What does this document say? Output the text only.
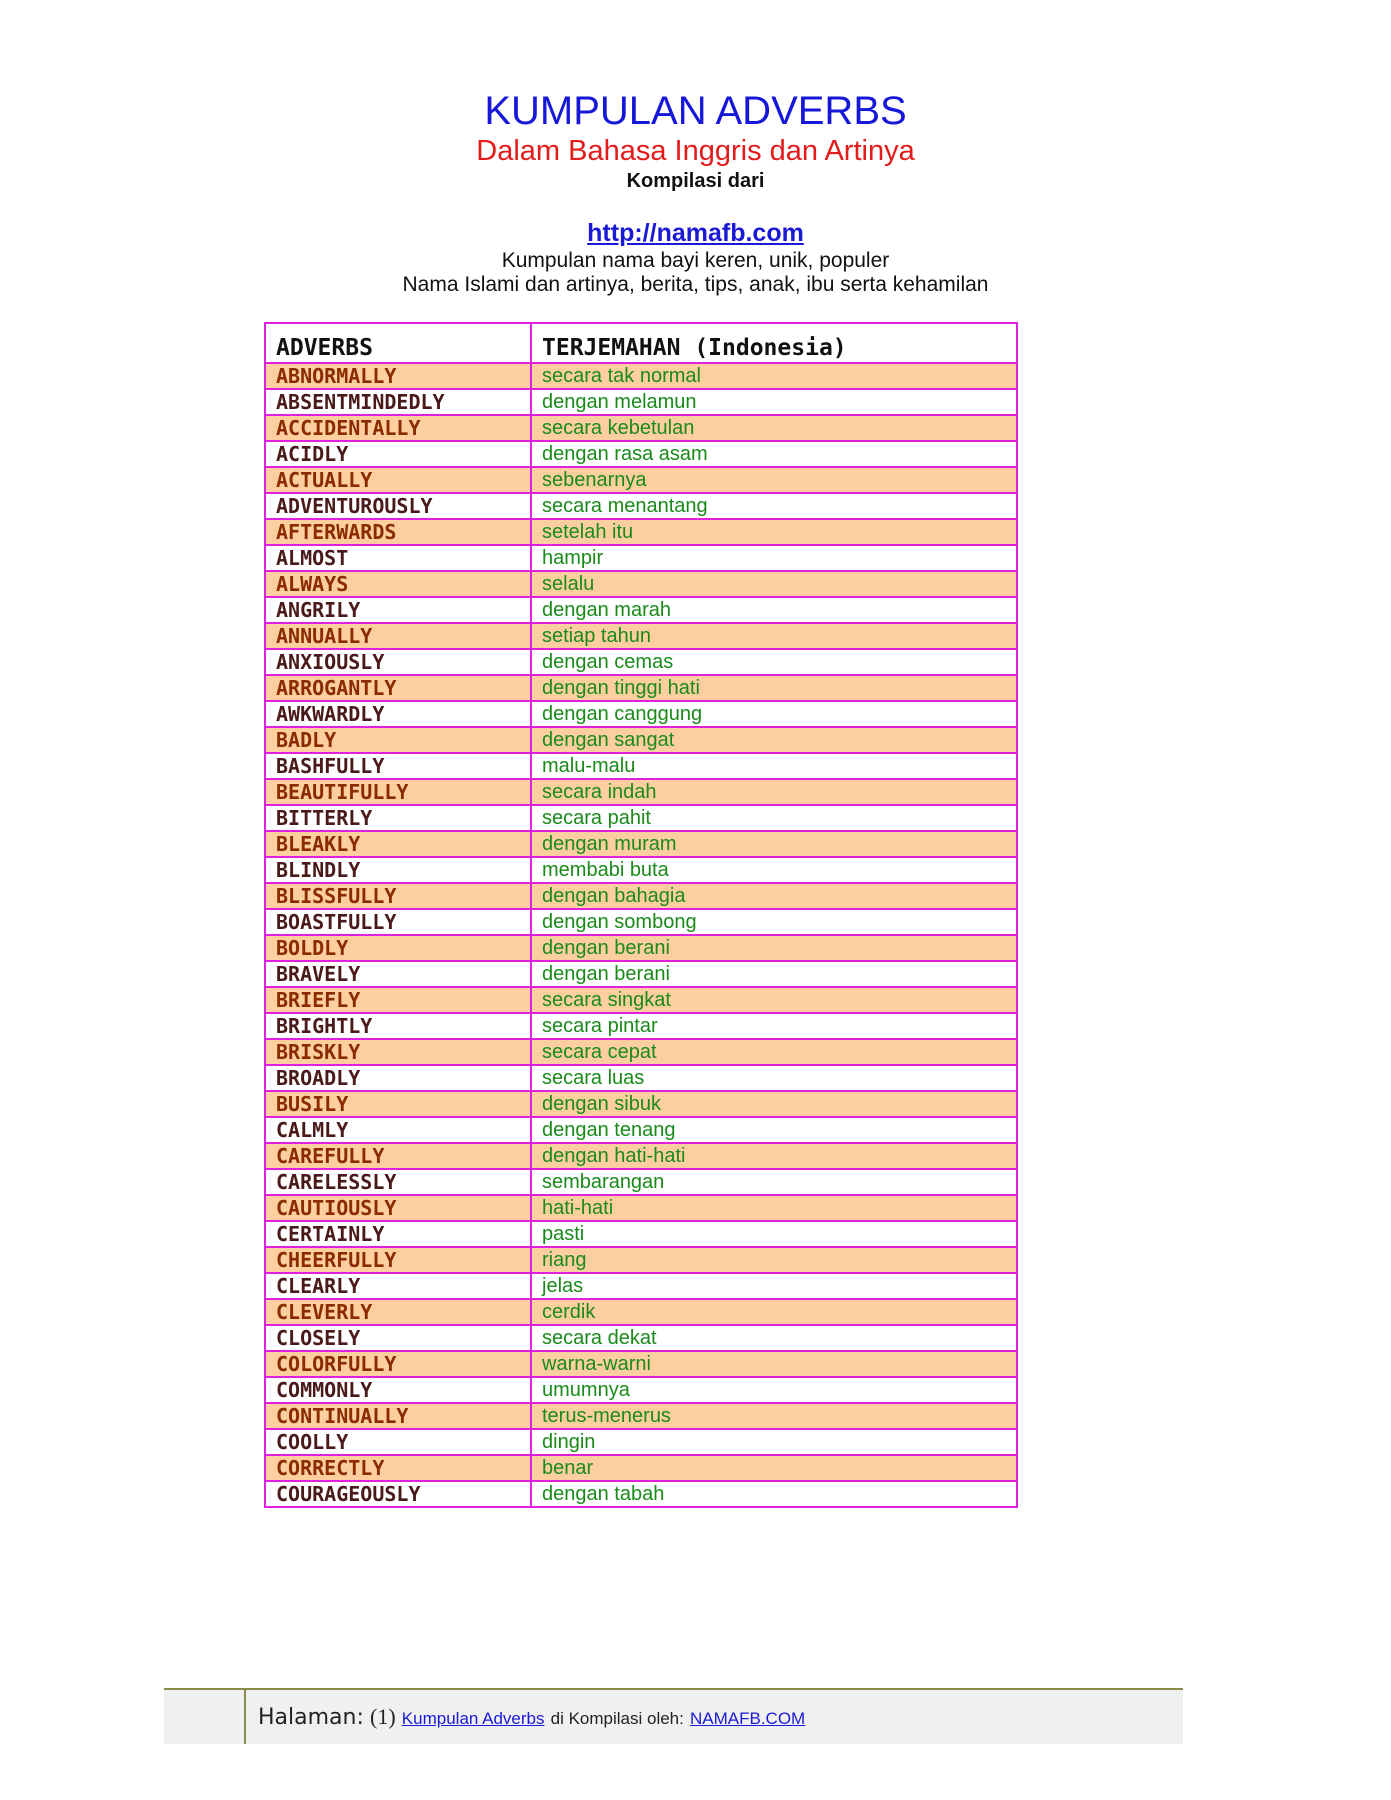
KUMPULAN ADVERBS
Dalam Bahasa Inggris dan Artinya
Kompilasi dari
http://namafb.com
Kumpulan nama bayi keren, unik, populer
Nama Islami dan artinya, berita, tips, anak, ibu serta kehamilan
ADVERBS	TERJEMAHAN (Indonesia)
ABNORMALLY	secara tak normal
ABSENTMINDEDLY	dengan melamun
ACCIDENTALLY	secara kebetulan
ACIDLY	dengan rasa asam
ACTUALLY	sebenarnya
ADVENTUROUSLY	secara menantang
AFTERWARDS	setelah itu
ALMOST	hampir
ALWAYS	selalu
ANGRILY	dengan marah
ANNUALLY	setiap tahun
ANXIOUSLY	dengan cemas
ARROGANTLY	dengan tinggi hati
AWKWARDLY	dengan canggung
BADLY	dengan sangat
BASHFULLY	malu-malu
BEAUTIFULLY	secara indah
BITTERLY	secara pahit
BLEAKLY	dengan muram
BLINDLY	membabi buta
BLISSFULLY	dengan bahagia
BOASTFULLY	dengan sombong
BOLDLY	dengan berani
BRAVELY	dengan berani
BRIEFLY	secara singkat
BRIGHTLY	secara pintar
BRISKLY	secara cepat
BROADLY	secara luas
BUSILY	dengan sibuk
CALMLY	dengan tenang
CAREFULLY	dengan hati-hati
CARELESSLY	sembarangan
CAUTIOUSLY	hati-hati
CERTAINLY	pasti
CHEERFULLY	riang
CLEARLY	jelas
CLEVERLY	cerdik
CLOSELY	secara dekat
COLORFULLY	warna-warni
COMMONLY	umumnya
CONTINUALLY	terus-menerus
COOLLY	dingin
CORRECTLY	benar
COURAGEOUSLY	dengan tabah
Halaman: (1) Kumpulan Adverbs di Kompilasi oleh: NAMAFB.COM
